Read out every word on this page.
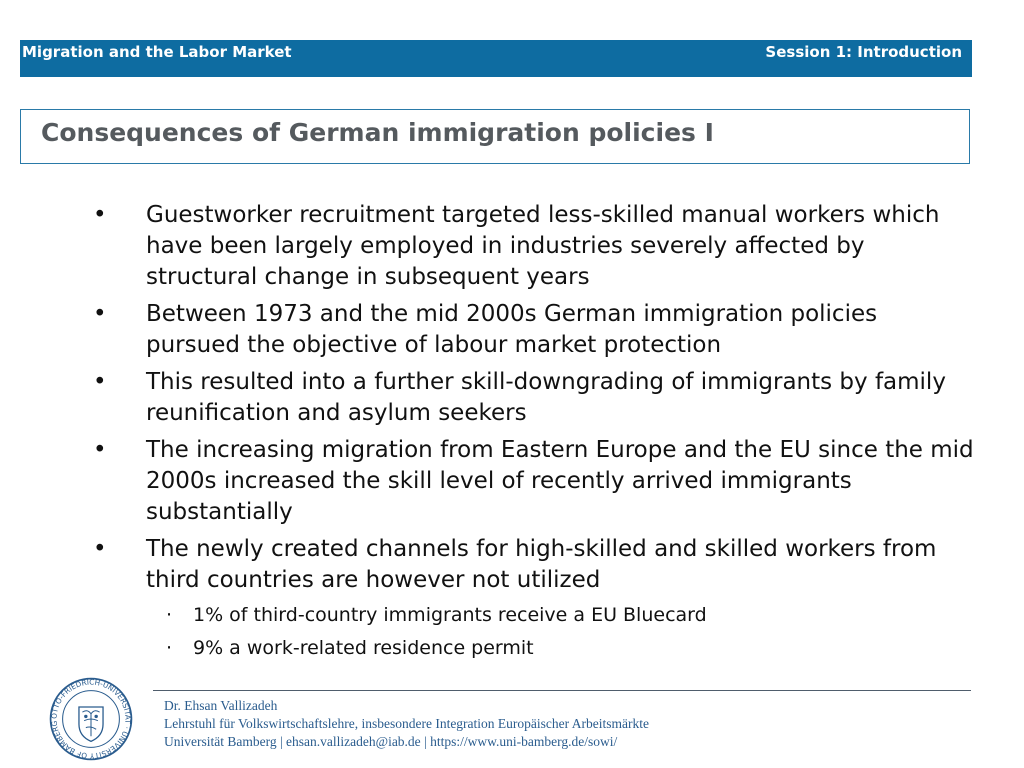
Migration and the Labor Market	Session 1: Introduction
Consequences of German immigration policies I
• Guestworker recruitment targeted less-skilled manual workers which have been largely employed in industries severely affected by structural change in subsequent years
• Between 1973 and the mid 2000s German immigration policies pursued the objective of labour market protection
• This resulted into a further skill-downgrading of immigrants by family reunification and asylum seekers
• The increasing migration from Eastern Europe and the EU since the mid 2000s increased the skill level of recently arrived immigrants substantially
• The newly created channels for high-skilled and skilled workers from third countries are however not utilized
· 1% of third-country immigrants receive a EU Bluecard
· 9% a work-related residence permit
OTTO-FRIEDRICH-UNIVERSITÄT · UNIVERSITY OF BAMBERG
Dr. Ehsan Vallizadeh
Lehrstuhl für Volkswirtschaftslehre, insbesondere Integration Europäischer Arbeitsmärkte
Universität Bamberg | ehsan.vallizadeh@iab.de | https://www.uni-bamberg.de/sowi/
